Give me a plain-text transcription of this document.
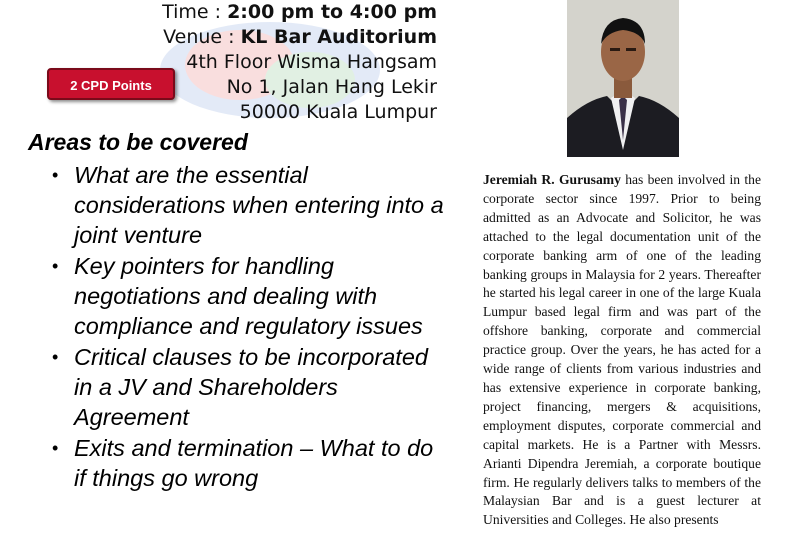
Time : 2:00 pm to 4:00 pm
Venue : KL Bar Auditorium
4th Floor Wisma Hangsam
No 1, Jalan Hang Lekir
50000 Kuala Lumpur
2 CPD Points
Areas to be covered
• What are the essential considerations when entering into a joint venture
• Key pointers for handling negotiations and dealing with compliance and regulatory issues
• Critical clauses to be incorporated in a JV and Shareholders Agreement
• Exits and termination – What to do if things go wrong
Jeremiah R. Gurusamy has been involved in the corporate sector since 1997. Prior to being admitted as an Advocate and Solicitor, he was attached to the legal documentation unit of the corporate banking arm of one of the leading banking groups in Malaysia for 2 years. Thereafter he started his legal career in one of the large Kuala Lumpur based legal firm and was part of the offshore banking, corporate and commercial practice group. Over the years, he has acted for a wide range of clients from various industries and has extensive experience in corporate banking, project financing, mergers & acquisitions, employment disputes, corporate commercial and capital markets. He is a Partner with Messrs. Arianti Dipendra Jeremiah, a corporate boutique firm. He regularly delivers talks to members of the Malaysian Bar and is a guest lecturer at Universities and Colleges. He also presents
